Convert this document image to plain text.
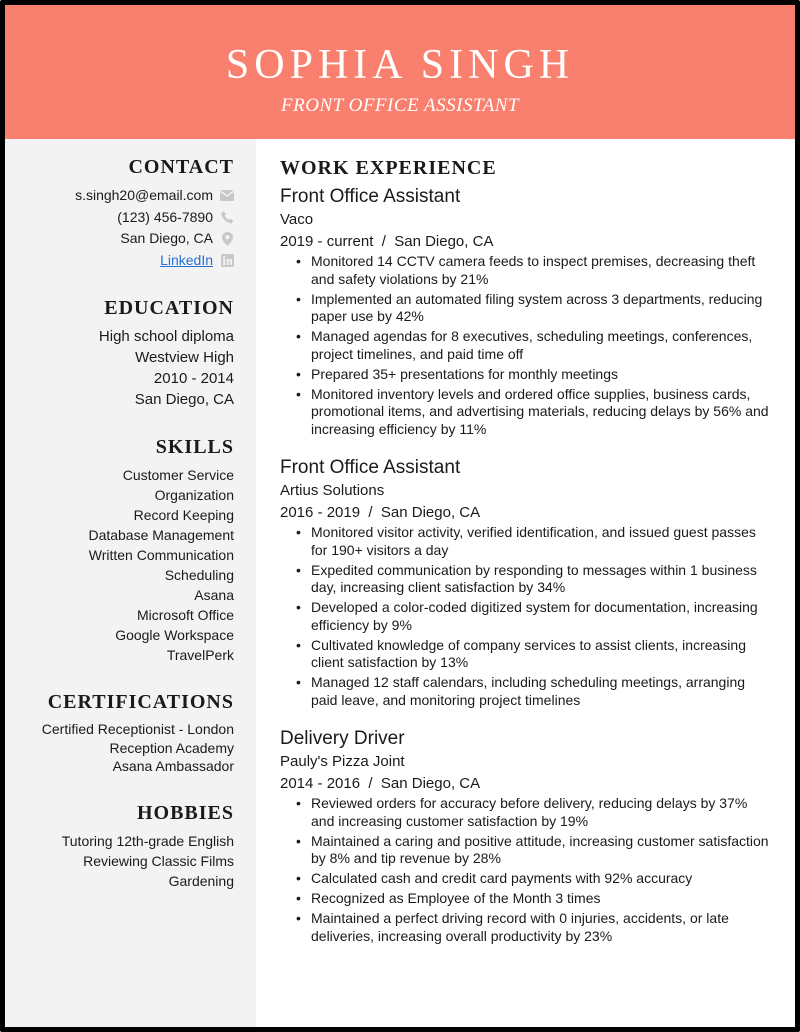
SOPHIA SINGH
FRONT OFFICE ASSISTANT
CONTACT
s.singh20@email.com
(123) 456-7890
San Diego, CA
LinkedIn
EDUCATION
High school diploma
Westview High
2010 - 2014
San Diego, CA
SKILLS
Customer Service
Organization
Record Keeping
Database Management
Written Communication
Scheduling
Asana
Microsoft Office
Google Workspace
TravelPerk
CERTIFICATIONS
Certified Receptionist - London Reception Academy
Asana Ambassador
HOBBIES
Tutoring 12th-grade English
Reviewing Classic Films
Gardening
WORK EXPERIENCE
Front Office Assistant
Vaco
2019 - current  /  San Diego, CA
• Monitored 14 CCTV camera feeds to inspect premises, decreasing theft and safety violations by 21%
• Implemented an automated filing system across 3 departments, reducing paper use by 42%
• Managed agendas for 8 executives, scheduling meetings, conferences, project timelines, and paid time off
• Prepared 35+ presentations for monthly meetings
• Monitored inventory levels and ordered office supplies, business cards, promotional items, and advertising materials, reducing delays by 56% and increasing efficiency by 11%
Front Office Assistant
Artius Solutions
2016 - 2019  /  San Diego, CA
• Monitored visitor activity, verified identification, and issued guest passes for 190+ visitors a day
• Expedited communication by responding to messages within 1 business day, increasing client satisfaction by 34%
• Developed a color-coded digitized system for documentation, increasing efficiency by 9%
• Cultivated knowledge of company services to assist clients, increasing client satisfaction by 13%
• Managed 12 staff calendars, including scheduling meetings, arranging paid leave, and monitoring project timelines
Delivery Driver
Pauly's Pizza Joint
2014 - 2016  /  San Diego, CA
• Reviewed orders for accuracy before delivery, reducing delays by 37% and increasing customer satisfaction by 19%
• Maintained a caring and positive attitude, increasing customer satisfaction by 8% and tip revenue by 28%
• Calculated cash and credit card payments with 92% accuracy
• Recognized as Employee of the Month 3 times
• Maintained a perfect driving record with 0 injuries, accidents, or late deliveries, increasing overall productivity by 23%
